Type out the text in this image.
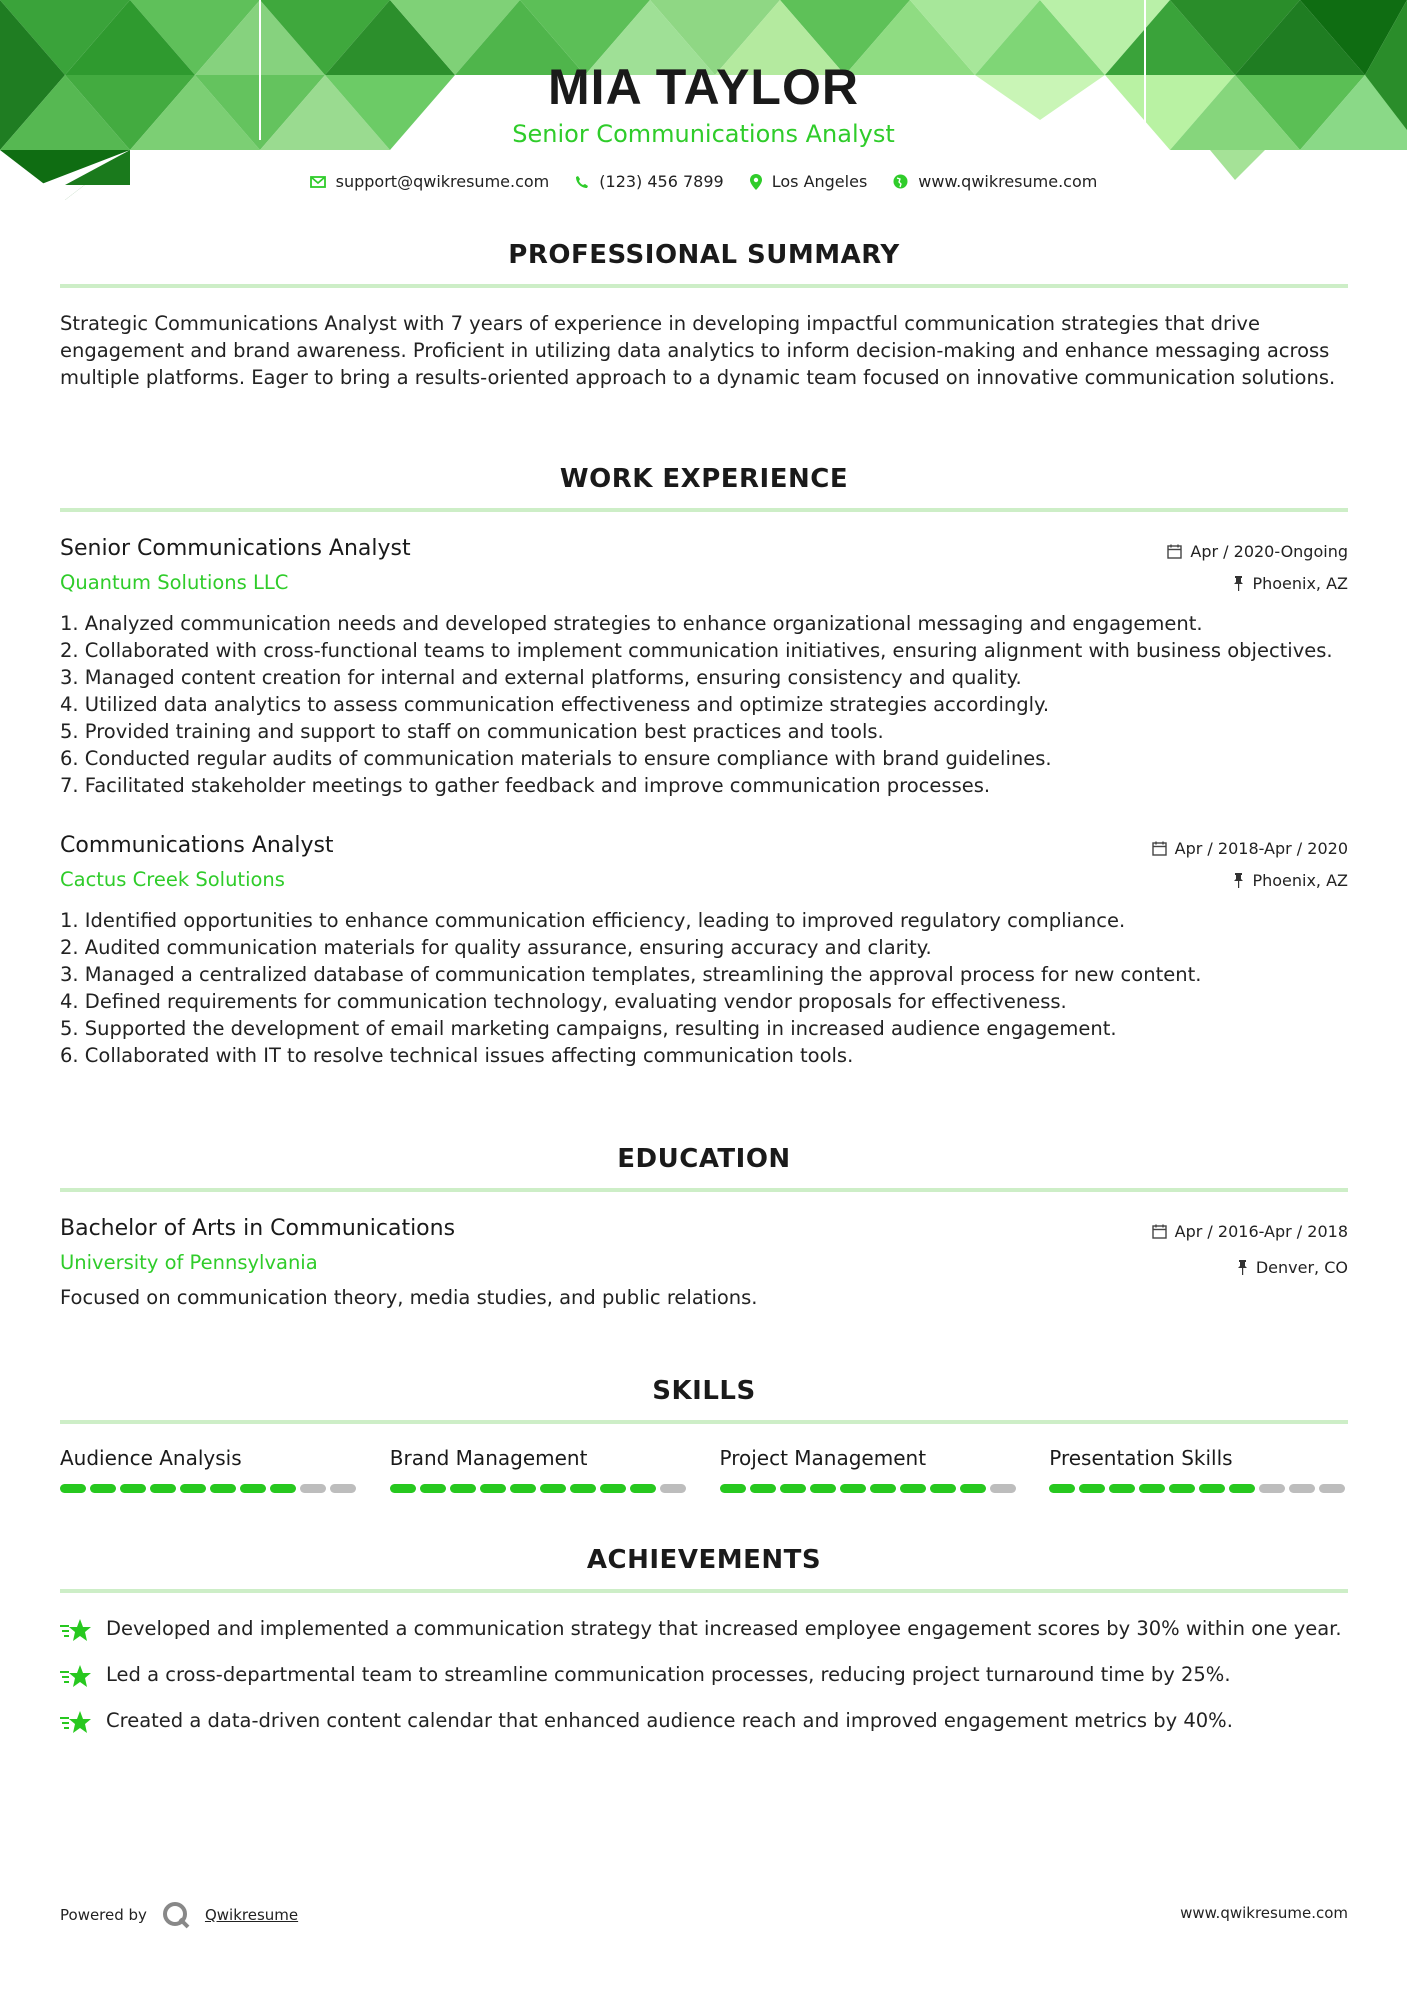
MIA TAYLOR
Senior Communications Analyst
support@qwikresume.com	(123) 456 7899	Los Angeles	www.qwikresume.com
PROFESSIONAL SUMMARY
Strategic Communications Analyst with 7 years of experience in developing impactful communication strategies that drive engagement and brand awareness. Proficient in utilizing data analytics to inform decision-making and enhance messaging across multiple platforms. Eager to bring a results-oriented approach to a dynamic team focused on innovative communication solutions.
WORK EXPERIENCE
Senior Communications Analyst	Apr / 2020-Ongoing
Quantum Solutions LLC	Phoenix, AZ
1. Analyzed communication needs and developed strategies to enhance organizational messaging and engagement.
2. Collaborated with cross-functional teams to implement communication initiatives, ensuring alignment with business objectives.
3. Managed content creation for internal and external platforms, ensuring consistency and quality.
4. Utilized data analytics to assess communication effectiveness and optimize strategies accordingly.
5. Provided training and support to staff on communication best practices and tools.
6. Conducted regular audits of communication materials to ensure compliance with brand guidelines.
7. Facilitated stakeholder meetings to gather feedback and improve communication processes.
Communications Analyst	Apr / 2018-Apr / 2020
Cactus Creek Solutions	Phoenix, AZ
1. Identified opportunities to enhance communication efficiency, leading to improved regulatory compliance.
2. Audited communication materials for quality assurance, ensuring accuracy and clarity.
3. Managed a centralized database of communication templates, streamlining the approval process for new content.
4. Defined requirements for communication technology, evaluating vendor proposals for effectiveness.
5. Supported the development of email marketing campaigns, resulting in increased audience engagement.
6. Collaborated with IT to resolve technical issues affecting communication tools.
EDUCATION
Bachelor of Arts in Communications	Apr / 2016-Apr / 2018
University of Pennsylvania	Denver, CO
Focused on communication theory, media studies, and public relations.
SKILLS
Audience Analysis	Brand Management	Project Management	Presentation Skills
ACHIEVEMENTS
Developed and implemented a communication strategy that increased employee engagement scores by 30% within one year.
Led a cross-departmental team to streamline communication processes, reducing project turnaround time by 25%.
Created a data-driven content calendar that enhanced audience reach and improved engagement metrics by 40%.
Powered by	Qwikresume	www.qwikresume.com
